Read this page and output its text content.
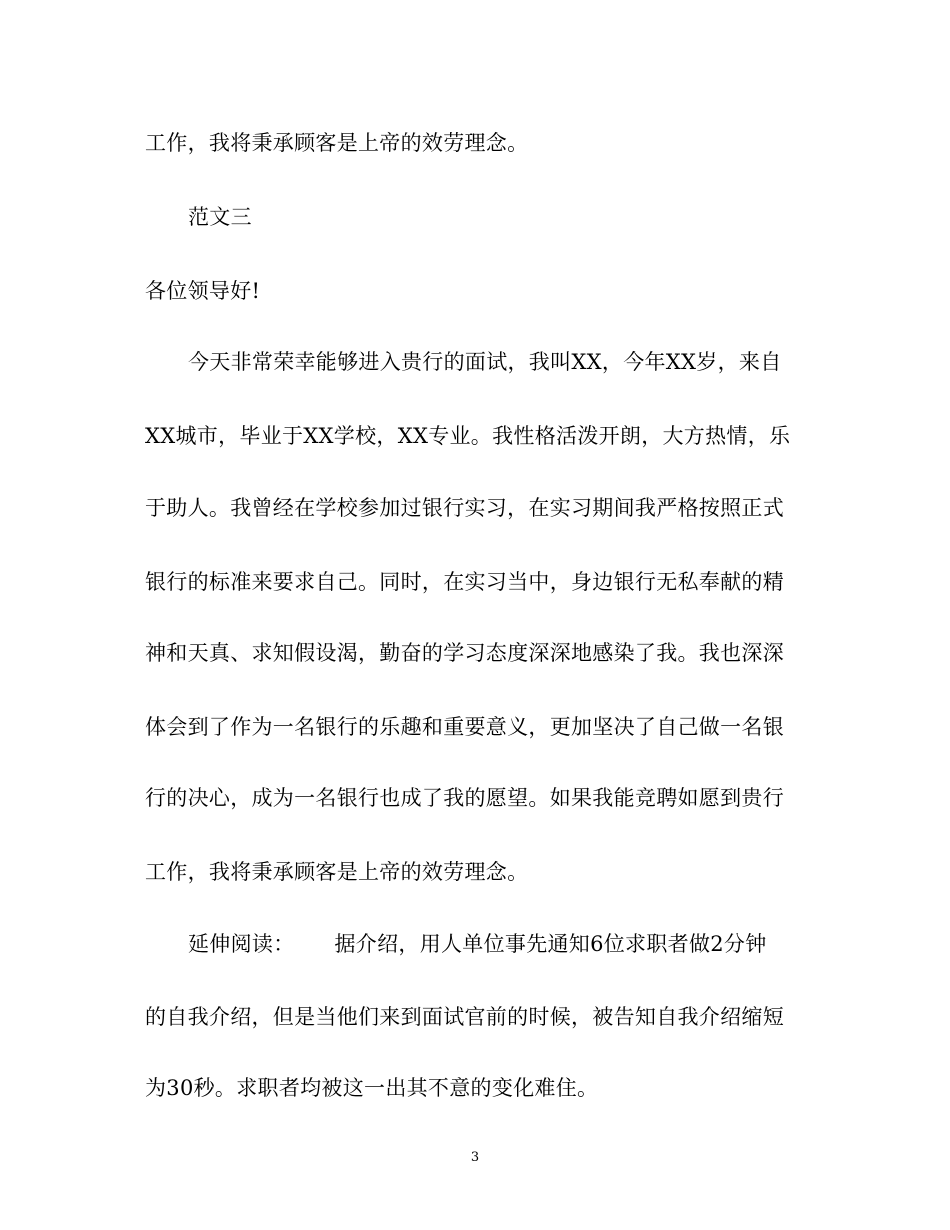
工作，我将秉承顾客是上帝的效劳理念。
范文三
各位领导好!
今天非常荣幸能够进入贵行的面试，我叫XX，今年XX岁，来自
XX城市，毕业于XX学校，XX专业。我性格活泼开朗，大方热情，乐
于助人。我曾经在学校参加过银行实习，在实习期间我严格按照正式
银行的标准来要求自己。同时，在实习当中，身边银行无私奉献的精
神和天真、求知假设渴，勤奋的学习态度深深地感染了我。我也深深
体会到了作为一名银行的乐趣和重要意义，更加坚决了自己做一名银
行的决心，成为一名银行也成了我的愿望。如果我能竞聘如愿到贵行
工作，我将秉承顾客是上帝的效劳理念。
延伸阅读： 据介绍，用人单位事先通知6位求职者做2分钟
的自我介绍，但是当他们来到面试官前的时候，被告知自我介绍缩短
为30秒。求职者均被这一出其不意的变化难住。
3
